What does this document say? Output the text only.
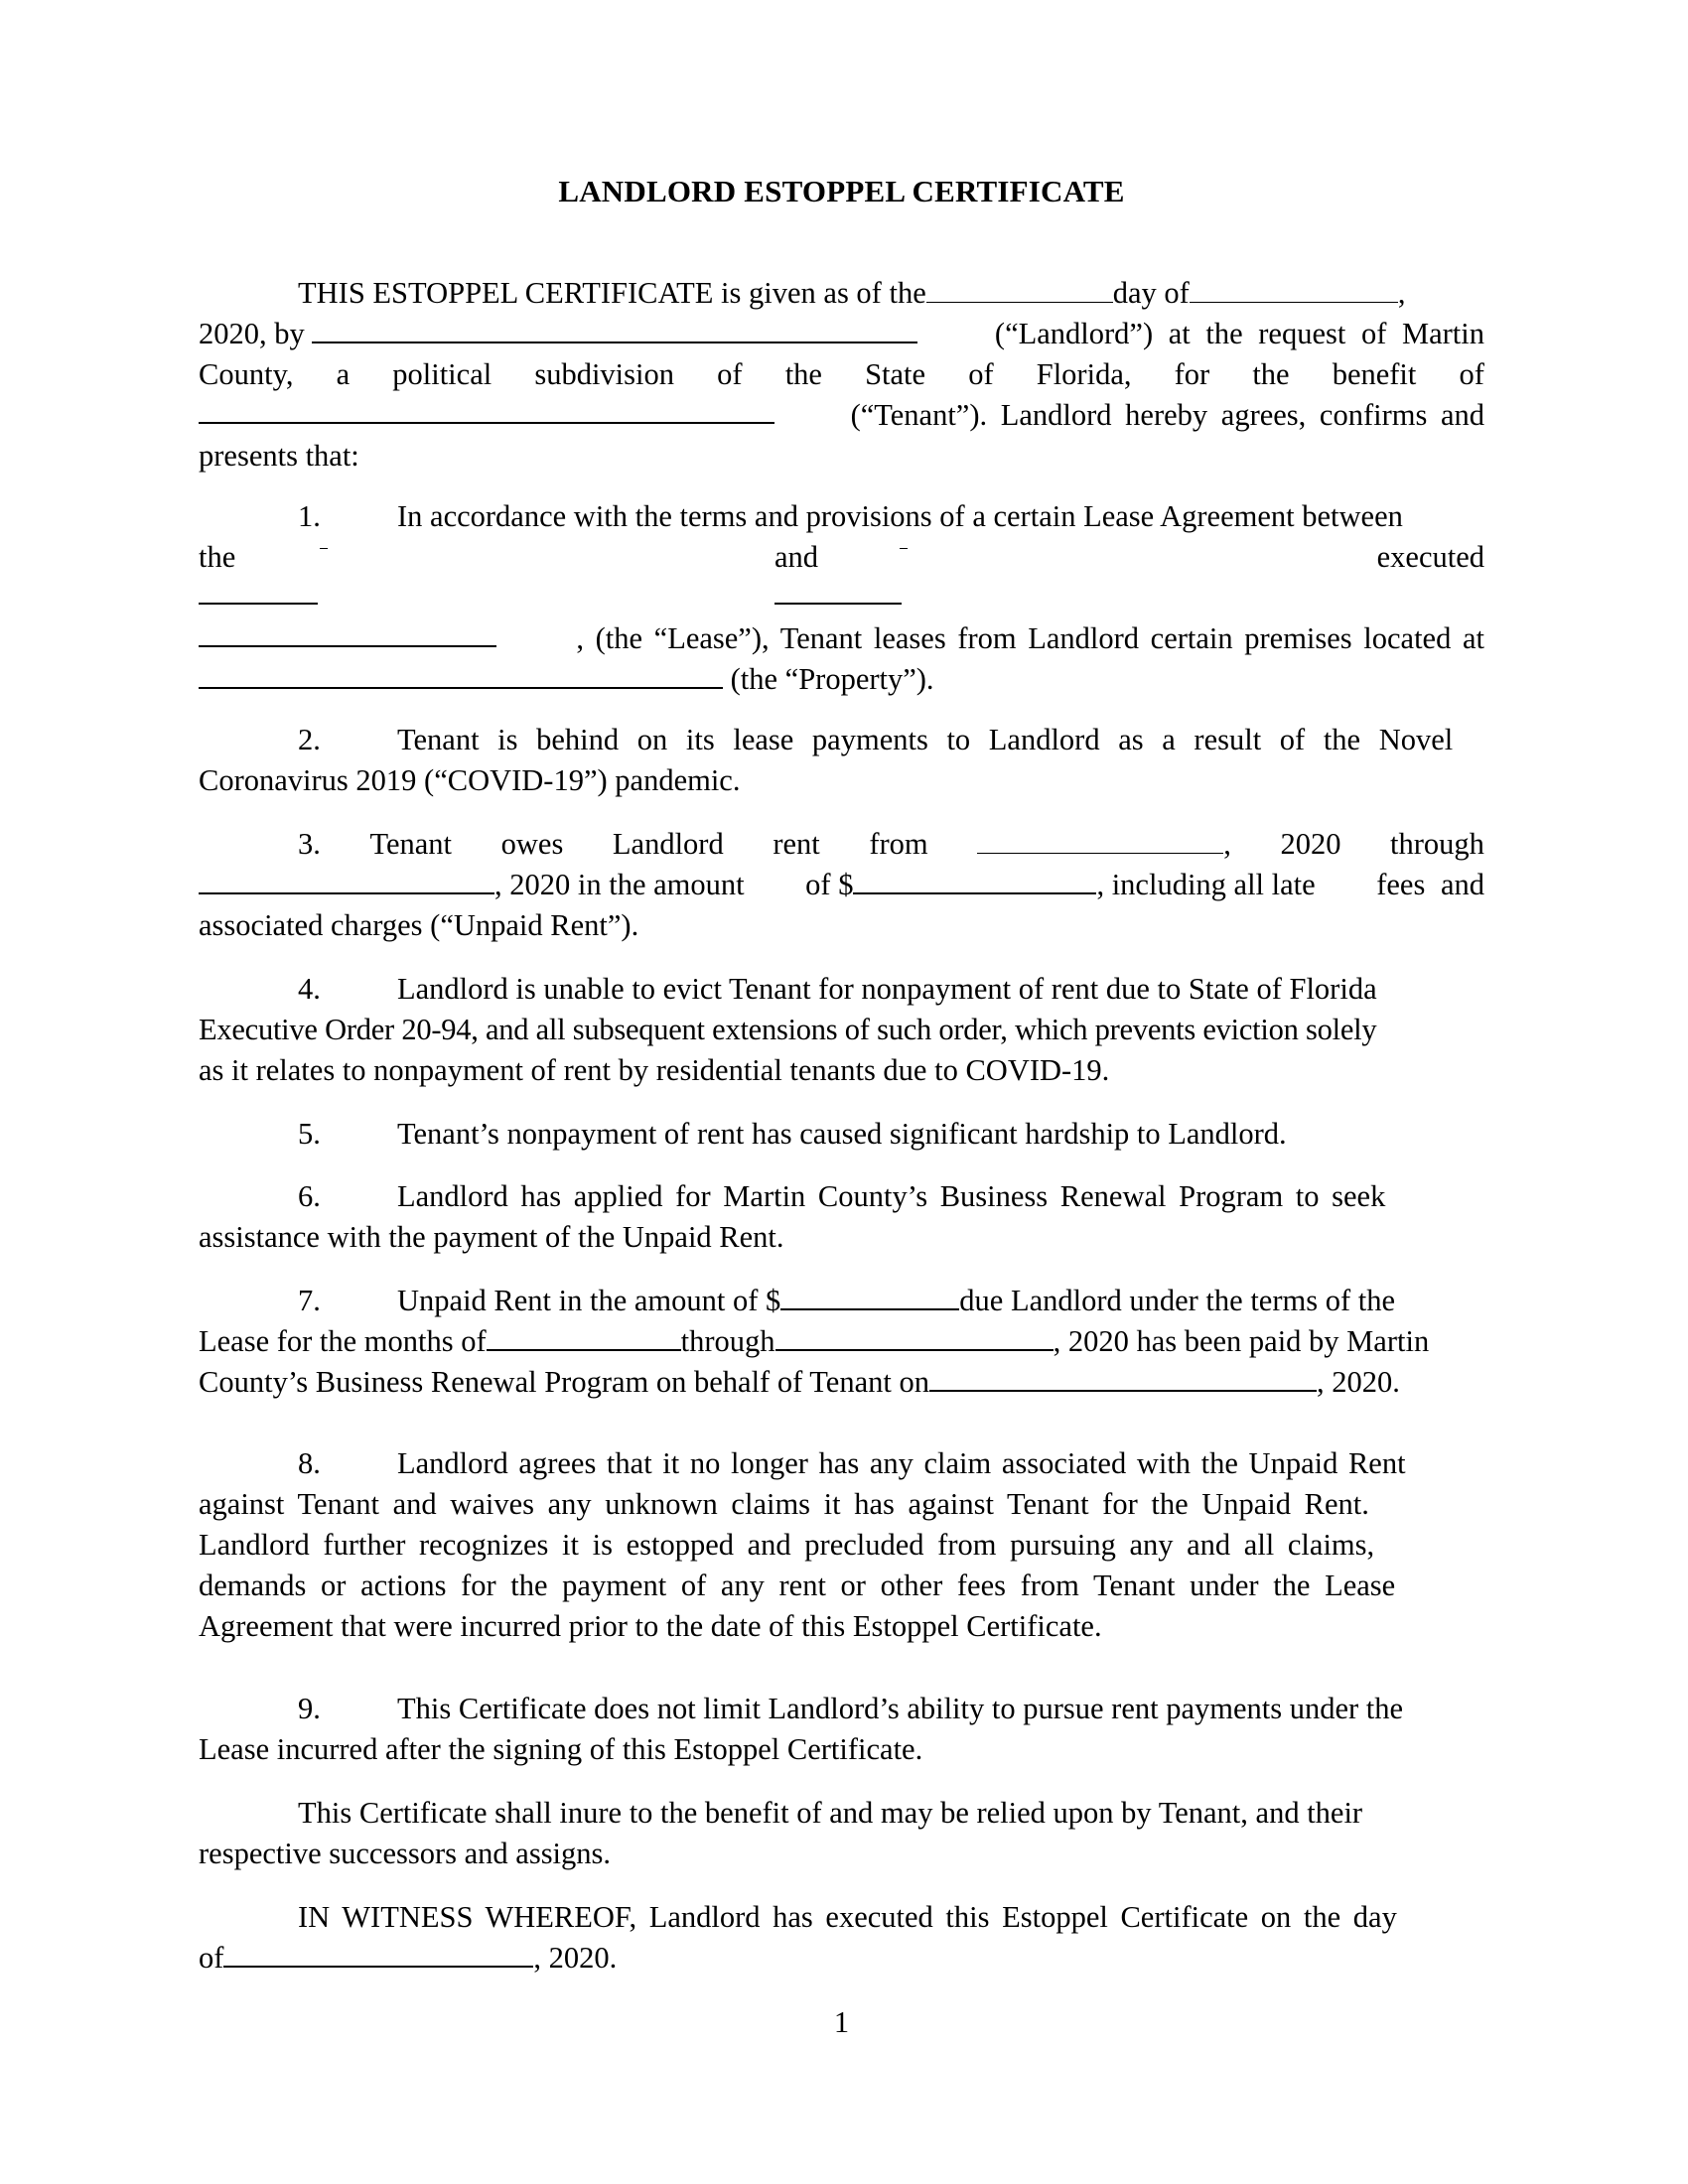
LANDLORD ESTOPPEL CERTIFICATE
THIS ESTOPPEL CERTIFICATE is given as of the	day of	,
2020, by	(“Landlord”) at the request of Martin
County, a political subdivision of the State of Florida, for the benefit of
(“Tenant”). Landlord hereby agrees, confirms and
presents that:
1.	In accordance with the terms and provisions of a certain Lease Agreement between
the	and	executed
, (the “Lease”), Tenant leases from Landlord certain premises located at
(the “Property”).
2.	Tenant is behind on its lease payments to Landlord as a result of the Novel
Coronavirus 2019 (“COVID-19”) pandemic.
3. Tenant owes Landlord rent from	, 2020 through
, 2020 in the amount of $	, including all late fees and
associated charges (“Unpaid Rent”).
4.	Landlord is unable to evict Tenant for nonpayment of rent due to State of Florida
Executive Order 20-94, and all subsequent extensions of such order, which prevents eviction solely
as it relates to nonpayment of rent by residential tenants due to COVID-19.
5.	Tenant’s nonpayment of rent has caused significant hardship to Landlord.
6.	Landlord has applied for Martin County’s Business Renewal Program to seek
assistance with the payment of the Unpaid Rent.
7.	Unpaid Rent in the amount of $	due Landlord under the terms of the
Lease for the months of	through	, 2020 has been paid by Martin
County’s Business Renewal Program on behalf of Tenant on	, 2020.
8.	Landlord agrees that it no longer has any claim associated with the Unpaid Rent
against Tenant and waives any unknown claims it has against Tenant for the Unpaid Rent.
Landlord further recognizes it is estopped and precluded from pursuing any and all claims,
demands or actions for the payment of any rent or other fees from Tenant under the Lease
Agreement that were incurred prior to the date of this Estoppel Certificate.
9.	This Certificate does not limit Landlord’s ability to pursue rent payments under the
Lease incurred after the signing of this Estoppel Certificate.
This Certificate shall inure to the benefit of and may be relied upon by Tenant, and their
respective successors and assigns.
IN WITNESS WHEREOF, Landlord has executed this Estoppel Certificate on the day
of	, 2020.
1
